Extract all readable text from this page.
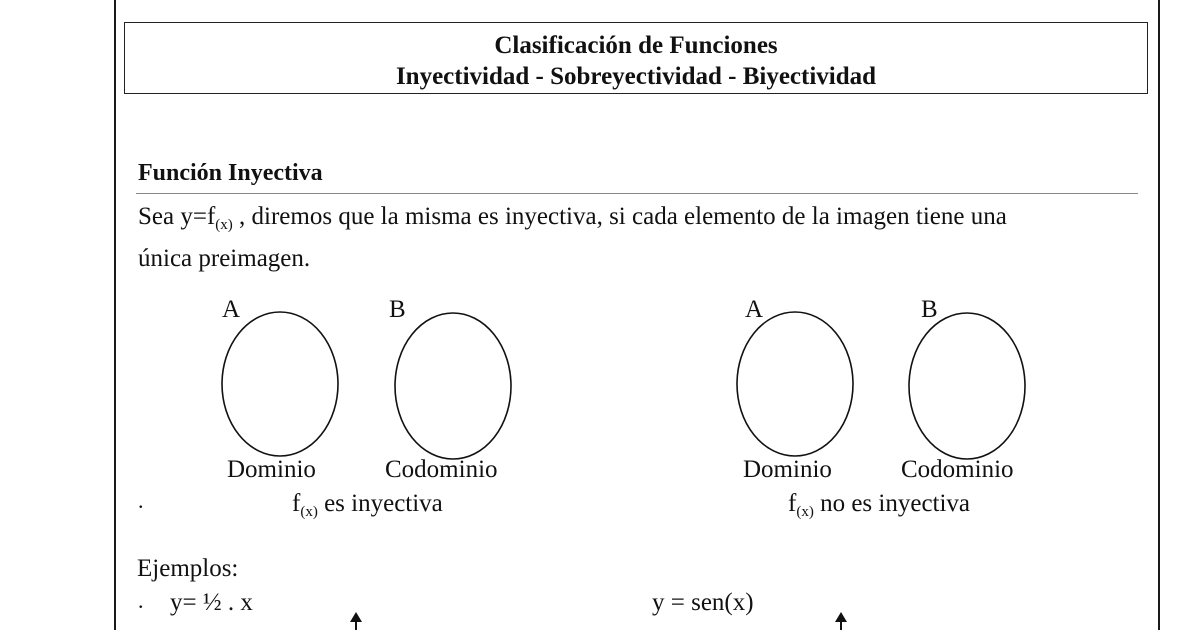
Clasificación de Funciones
Inyectividad - Sobreyectividad - Biyectividad
Función Inyectiva
Sea $y=f_{(x)}$ , diremos que la misma es inyectiva, si cada elemento de la imagen tiene una
única preimagen.
A	B
Dominio	Codominio
$f_{(x)}$ es inyectiva
.
A	B
Dominio	Codominio
$f_{(x)}$ no es inyectiva
Ejemplos:
. y= ½ . x	y = sen(x)
